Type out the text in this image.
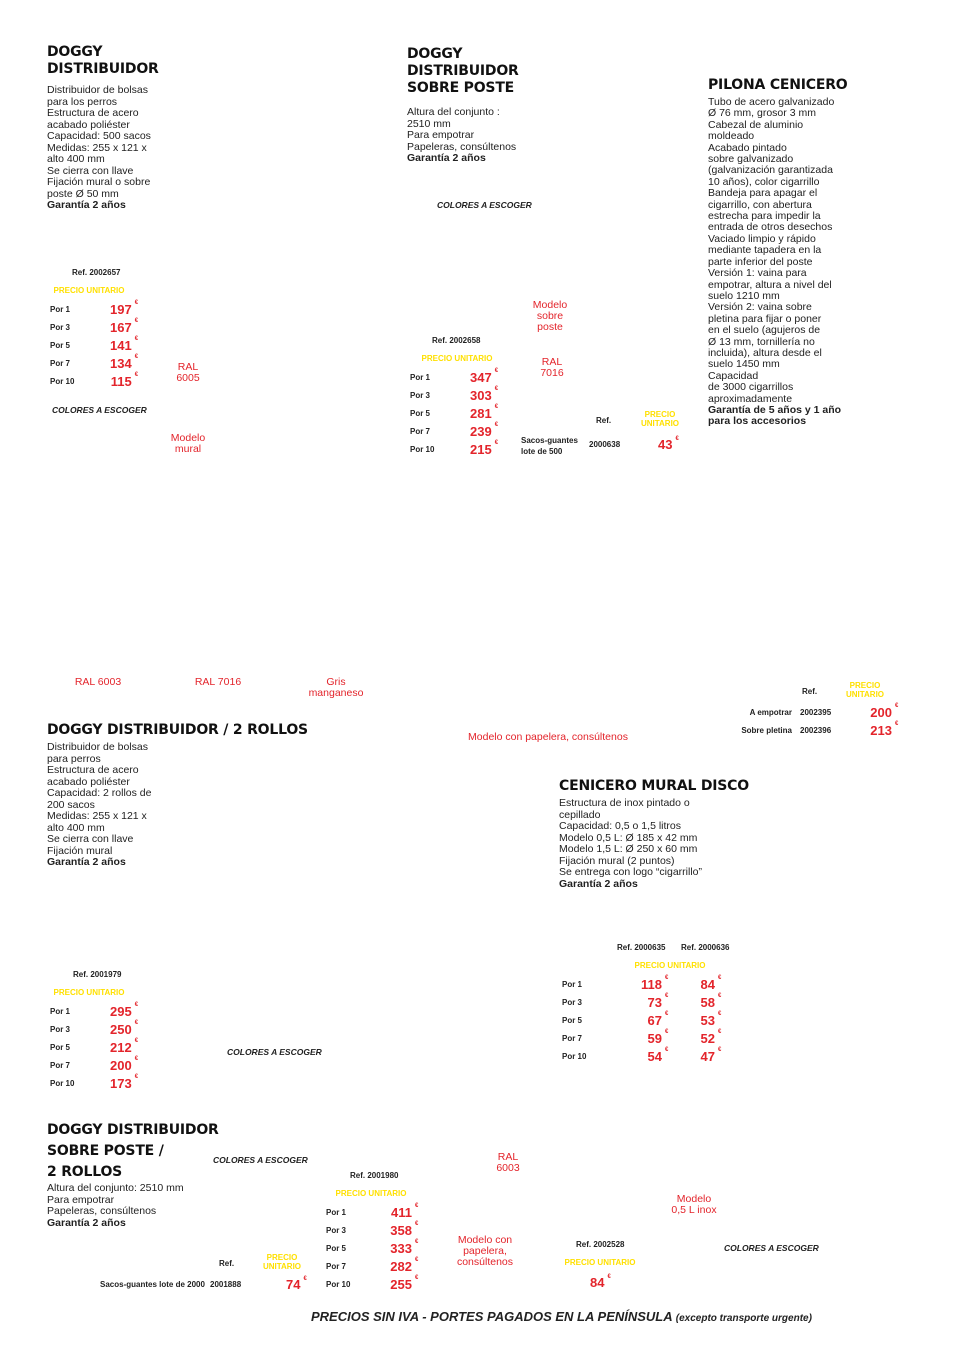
DOGGY
DISTRIBUIDOR
Distribuidor de bolsas
para los perros
Estructura de acero
acabado poliéster
Capacidad: 500 sacos
Medidas: 255 x 121 x
alto 400 mm
Se cierra con llave
Fijación mural o sobre
poste Ø 50 mm
Garantía 2 años
Ref. 2002657
PRECIO UNITARIO
Por 1	197	€
Por 3	167	€
Por 5	141	€
Por 7	134	€
Por 10	115	€
RAL
6005
COLORES A ESCOGER
Modelo
mural
DOGGY
DISTRIBUIDOR
SOBRE POSTE
Altura del conjunto :
2510 mm
Para empotrar
Papeleras, consúltenos
Garantía 2 años
COLORES A ESCOGER
Modelo
sobre
poste
Ref. 2002658
PRECIO UNITARIO
Por 1	347	€
Por 3	303	€
Por 5	281	€
Por 7	239	€
Por 10	215	€
RAL
7016
Ref.
PRECIO
UNITARIO
Sacos-guantes
lote de 500
2000638	43 €
PILONA CENICERO
Tubo de acero galvanizado
Ø 76 mm, grosor 3 mm
Cabezal de aluminio
moldeado
Acabado pintado
sobre galvanizado
(galvanización garantizada
10 años), color cigarrillo
Bandeja para apagar el
cigarrillo, con abertura
estrecha para impedir la
entrada de otros desechos
Vaciado limpio y rápido
mediante tapadera en la
parte inferior del poste
Versión 1: vaina para
empotrar, altura a nivel del
suelo 1210 mm
Versión 2: vaina sobre
pletina para fijar o poner
en el suelo (agujeros de
Ø 13 mm, tornillería no
incluida), altura desde el
suelo 1450 mm
Capacidad
de 3000 cigarrillos
aproximadamente
Garantía de 5 años y 1 año
para los accesorios
Ref.
PRECIO
UNITARIO
A empotrar	2002395	200	€
Sobre pletina	2002396	213	€
RAL 6003	RAL 7016	Gris
manganeso
Modelo con papelera, consúltenos
DOGGY DISTRIBUIDOR / 2 ROLLOS
Distribuidor de bolsas
para perros
Estructura de acero
acabado poliéster
Capacidad: 2 rollos de
200 sacos
Medidas: 255 x 121 x
alto 400 mm
Se cierra con llave
Fijación mural
Garantía 2 años
Ref. 2001979
PRECIO UNITARIO
Por 1	295	€
Por 3	250	€
Por 5	212	€
Por 7	200	€
Por 10	173	€
COLORES A ESCOGER
CENICERO MURAL DISCO
Estructura de inox pintado o
cepillado
Capacidad: 0,5 o 1,5 litros
Modelo 0,5 L: Ø 185 x 42 mm
Modelo 1,5 L: Ø 250 x 60 mm
Fijación mural (2 puntos)
Se entrega con logo “cigarrillo”
Garantía 2 años
Ref. 2000635 Ref. 2000636
PRECIO UNITARIO
Por 1	118	€	84	€
Por 3	73	€	58	€
Por 5	67	€	53	€
Por 7	59	€	52	€
Por 10	54	€	47	€
DOGGY DISTRIBUIDOR
SOBRE POSTE /
2 ROLLOS
Altura del conjunto: 2510 mm
Para empotrar
Papeleras, consúltenos
Garantía 2 años
COLORES A ESCOGER
Ref. 2001980
PRECIO UNITARIO
Por 1	411	€
Por 3	358	€
Por 5	333	€
Por 7	282	€
Por 10	255	€
Ref.
PRECIO
UNITARIO
Sacos-guantes lote de 2000 2001888	74 €
RAL
6003
Modelo con
papelera,
consúltenos
Modelo
0,5 L inox
Ref. 2002528
PRECIO UNITARIO
84 €
COLORES A ESCOGER
PRECIOS SIN IVA - PORTES PAGADOS EN LA PENÍNSULA (excepto transporte urgente)
